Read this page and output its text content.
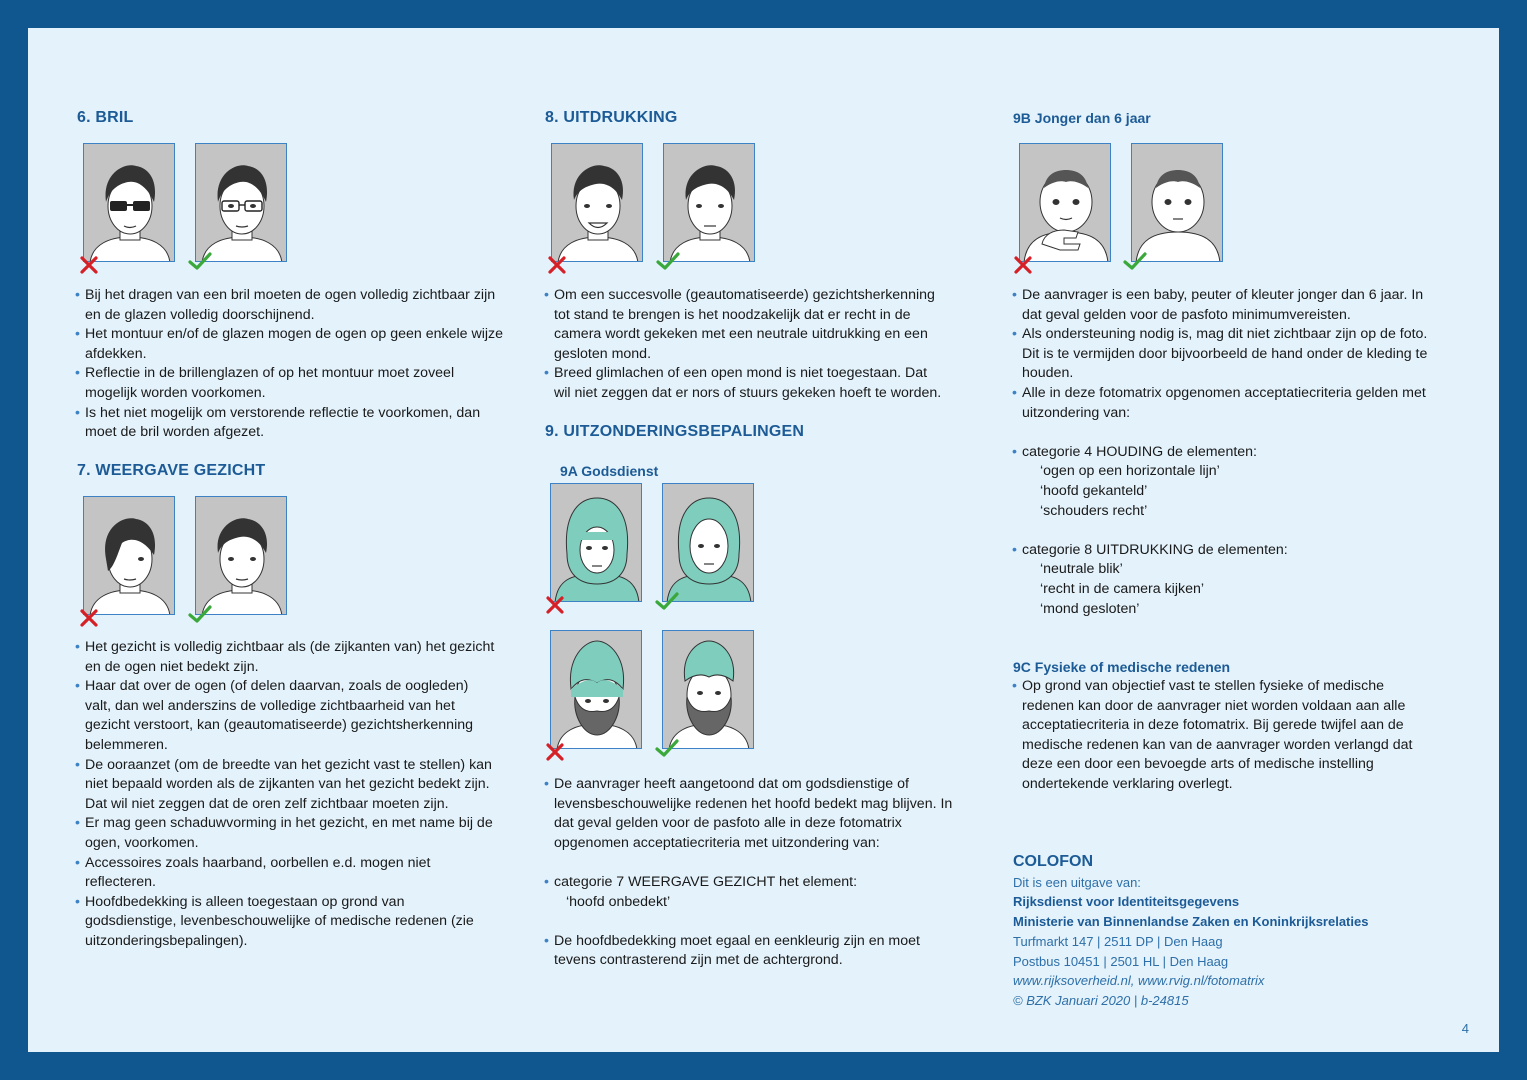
6. BRIL
• Bij het dragen van een bril moeten de ogen volledig zichtbaar zijn en de glazen volledig doorschijnend.
• Het montuur en/of de glazen mogen de ogen op geen enkele wijze afdekken.
• Reflectie in de brillenglazen of op het montuur moet zoveel mogelijk worden voorkomen.
• Is het niet mogelijk om verstorende reflectie te voorkomen, dan moet de bril worden afgezet.
7. WEERGAVE GEZICHT
• Het gezicht is volledig zichtbaar als (de zijkanten van) het gezicht en de ogen niet bedekt zijn.
• Haar dat over de ogen (of delen daarvan, zoals de oogleden) valt, dan wel anderszins de volledige zichtbaarheid van het gezicht verstoort, kan (geautomatiseerde) gezichtsherkenning belemmeren.
• De ooraanzet (om de breedte van het gezicht vast te stellen) kan niet bepaald worden als de zijkanten van het gezicht bedekt zijn. Dat wil niet zeggen dat de oren zelf zichtbaar moeten zijn.
• Er mag geen schaduwvorming in het gezicht, en met name bij de ogen, voorkomen.
• Accessoires zoals haarband, oorbellen e.d. mogen niet reflecteren.
• Hoofdbedekking is alleen toegestaan op grond van godsdienstige, levenbeschouwelijke of medische redenen (zie uitzonderingsbepalingen).
8. UITDRUKKING
• Om een succesvolle (geautomatiseerde) gezichtsherkenning tot stand te brengen is het noodzakelijk dat er recht in de camera wordt gekeken met een neutrale uitdrukking en een gesloten mond.
• Breed glimlachen of een open mond is niet toegestaan. Dat wil niet zeggen dat er nors of stuurs gekeken hoeft te worden.
9. UITZONDERINGSBEPALINGEN
9A Godsdienst
• De aanvrager heeft aangetoond dat om godsdienstige of levensbeschouwelijke redenen het hoofd bedekt mag blijven. In dat geval gelden voor de pasfoto alle in deze fotomatrix opgenomen acceptatiecriteria met uitzondering van:
• categorie 7 WEERGAVE GEZICHT het element:
‘hoofd onbedekt’
• De hoofdbedekking moet egaal en eenkleurig zijn en moet tevens contrasterend zijn met de achtergrond.
9B Jonger dan 6 jaar
• De aanvrager is een baby, peuter of kleuter jonger dan 6 jaar. In dat geval gelden voor de pasfoto minimumvereisten.
• Als ondersteuning nodig is, mag dit niet zichtbaar zijn op de foto. Dit is te vermijden door bijvoorbeeld de hand onder de kleding te houden.
• Alle in deze fotomatrix opgenomen acceptatiecriteria gelden met uitzondering van:
• categorie 4 HOUDING de elementen:
‘ogen op een horizontale lijn’
‘hoofd gekanteld’
‘schouders recht’
• categorie 8 UITDRUKKING de elementen:
‘neutrale blik’
‘recht in de camera kijken’
‘mond gesloten’
9C Fysieke of medische redenen
• Op grond van objectief vast te stellen fysieke of medische redenen kan door de aanvrager niet worden voldaan aan alle acceptatiecriteria in deze fotomatrix. Bij gerede twijfel aan de medische redenen kan van de aanvrager worden verlangd dat deze een door een bevoegde arts of medische instelling ondertekende verklaring overlegt.
COLOFON
Dit is een uitgave van:
Rijksdienst voor Identiteitsgegevens
Ministerie van Binnenlandse Zaken en Koninkrijksrelaties
Turfmarkt 147 | 2511 DP | Den Haag
Postbus 10451 | 2501 HL | Den Haag
www.rijksoverheid.nl, www.rvig.nl/fotomatrix
© BZK Januari 2020 | b-24815
4
